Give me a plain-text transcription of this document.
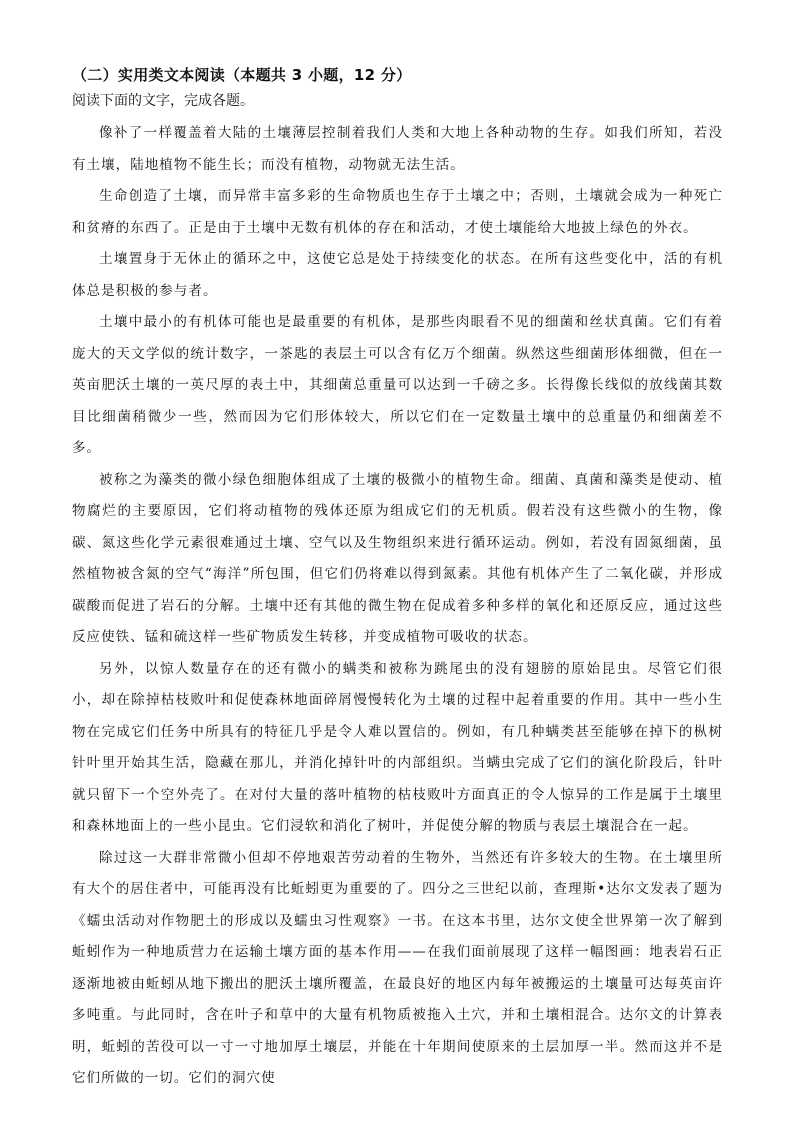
（二）实用类文本阅读（本题共 3 小题，12 分）

阅读下面的文字，完成各题。

像补了一样覆盖着大陆的土壤薄层控制着我们人类和大地上各种动物的生存。如我们所知，若没有土壤，陆地植物不能生长；而没有植物，动物就无法生活。

生命创造了土壤，而异常丰富多彩的生命物质也生存于土壤之中；否则，土壤就会成为一种死亡和贫瘠的东西了。正是由于土壤中无数有机体的存在和活动，才使土壤能给大地披上绿色的外衣。

土壤置身于无休止的循环之中，这使它总是处于持续变化的状态。在所有这些变化中，活的有机体总是积极的参与者。

土壤中最小的有机体可能也是最重要的有机体，是那些肉眼看不见的细菌和丝状真菌。它们有着庞大的天文学似的统计数字，一茶匙的表层土可以含有亿万个细菌。纵然这些细菌形体细微，但在一英亩肥沃土壤的一英尺厚的表土中，其细菌总重量可以达到一千磅之多。长得像长线似的放线菌其数目比细菌稍微少一些，然而因为它们形体较大，所以它们在一定数量土壤中的总重量仍和细菌差不多。

被称之为藻类的微小绿色细胞体组成了土壤的极微小的植物生命。细菌、真菌和藻类是使动、植物腐烂的主要原因，它们将动植物的残体还原为组成它们的无机质。假若没有这些微小的生物，像碳、氮这些化学元素很难通过土壤、空气以及生物组织来进行循环运动。例如，若没有固氮细菌，虽然植物被含氮的空气“海洋”所包围，但它们仍将难以得到氮素。其他有机体产生了二氧化碳，并形成碳酸而促进了岩石的分解。土壤中还有其他的微生物在促成着多种多样的氧化和还原反应，通过这些反应使铁、锰和硫这样一些矿物质发生转移，并变成植物可吸收的状态。

另外，以惊人数量存在的还有微小的螨类和被称为跳尾虫的没有翅膀的原始昆虫。尽管它们很小，却在除掉枯枝败叶和促使森林地面碎屑慢慢转化为土壤的过程中起着重要的作用。其中一些小生物在完成它们任务中所具有的特征几乎是令人难以置信的。例如，有几种螨类甚至能够在掉下的枞树针叶里开始其生活，隐藏在那儿，并消化掉针叶的内部组织。当螨虫完成了它们的演化阶段后，针叶就只留下一个空外壳了。在对付大量的落叶植物的枯枝败叶方面真正的令人惊异的工作是属于土壤里和森林地面上的一些小昆虫。它们浸软和消化了树叶，并促使分解的物质与表层土壤混合在一起。

除过这一大群非常微小但却不停地艰苦劳动着的生物外，当然还有许多较大的生物。在土壤里所有大个的居住者中，可能再没有比蚯蚓更为重要的了。四分之三世纪以前，查理斯•达尔文发表了题为《蠕虫活动对作物肥土的形成以及蠕虫习性观察》一书。在这本书里，达尔文使全世界第一次了解到蚯蚓作为一种地质营力在运输土壤方面的基本作用——在我们面前展现了这样一幅图画：地表岩石正逐渐地被由蚯蚓从地下搬出的肥沃土壤所覆盖，在最良好的地区内每年被搬运的土壤量可达每英亩许多吨重。与此同时，含在叶子和草中的大量有机物质被拖入土穴，并和土壤相混合。达尔文的计算表明，蚯蚓的苦役可以一寸一寸地加厚土壤层，并能在十年期间使原来的土层加厚一半。然而这并不是它们所做的一切。它们的洞穴使
